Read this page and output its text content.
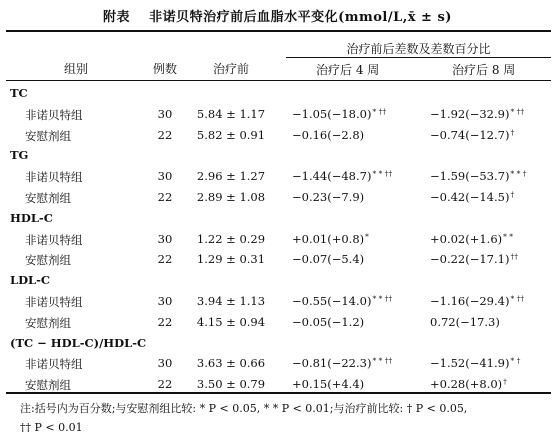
附表 非诺贝特治疗前后血脂水平变化(mmol/L,x̄ ± s)
组别	例数	治疗前
治疗前后差数及差数百分比
治疗后 4 周	治疗后 8 周
TC
非诺贝特组	30	5.84 ± 1.17	−1.05(−18.0)* ††	−1.92(−32.9)* ††
安慰剂组	22	5.82 ± 0.91	−0.16(−2.8)	−0.74(−12.7)†
TG
非诺贝特组	30	2.96 ± 1.27	−1.44(−48.7)* * ††	−1.59(−53.7)* * †
安慰剂组	22	2.89 ± 1.08	−0.23(−7.9)	−0.42(−14.5)†
HDL-C
非诺贝特组	30	1.22 ± 0.29	+0.01(+0.8)*	+0.02(+1.6)* *
安慰剂组	22	1.29 ± 0.31	−0.07(−5.4)	−0.22(−17.1)††
LDL-C
非诺贝特组	30	3.94 ± 1.13	−0.55(−14.0)* * ††	−1.16(−29.4)* ††
安慰剂组	22	4.15 ± 0.94	−0.05(−1.2)	0.72(−17.3)
(TC − HDL-C)/HDL-C
非诺贝特组	30	3.63 ± 0.66	−0.81(−22.3)* * ††	−1.52(−41.9)* †
安慰剂组	22	3.50 ± 0.79	+0.15(+4.4)	+0.28(+8.0)†
注:括号内为百分数;与安慰剂组比较: * P < 0.05, * * P < 0.01;与治疗前比较: † P < 0.05,
†† P < 0.01
